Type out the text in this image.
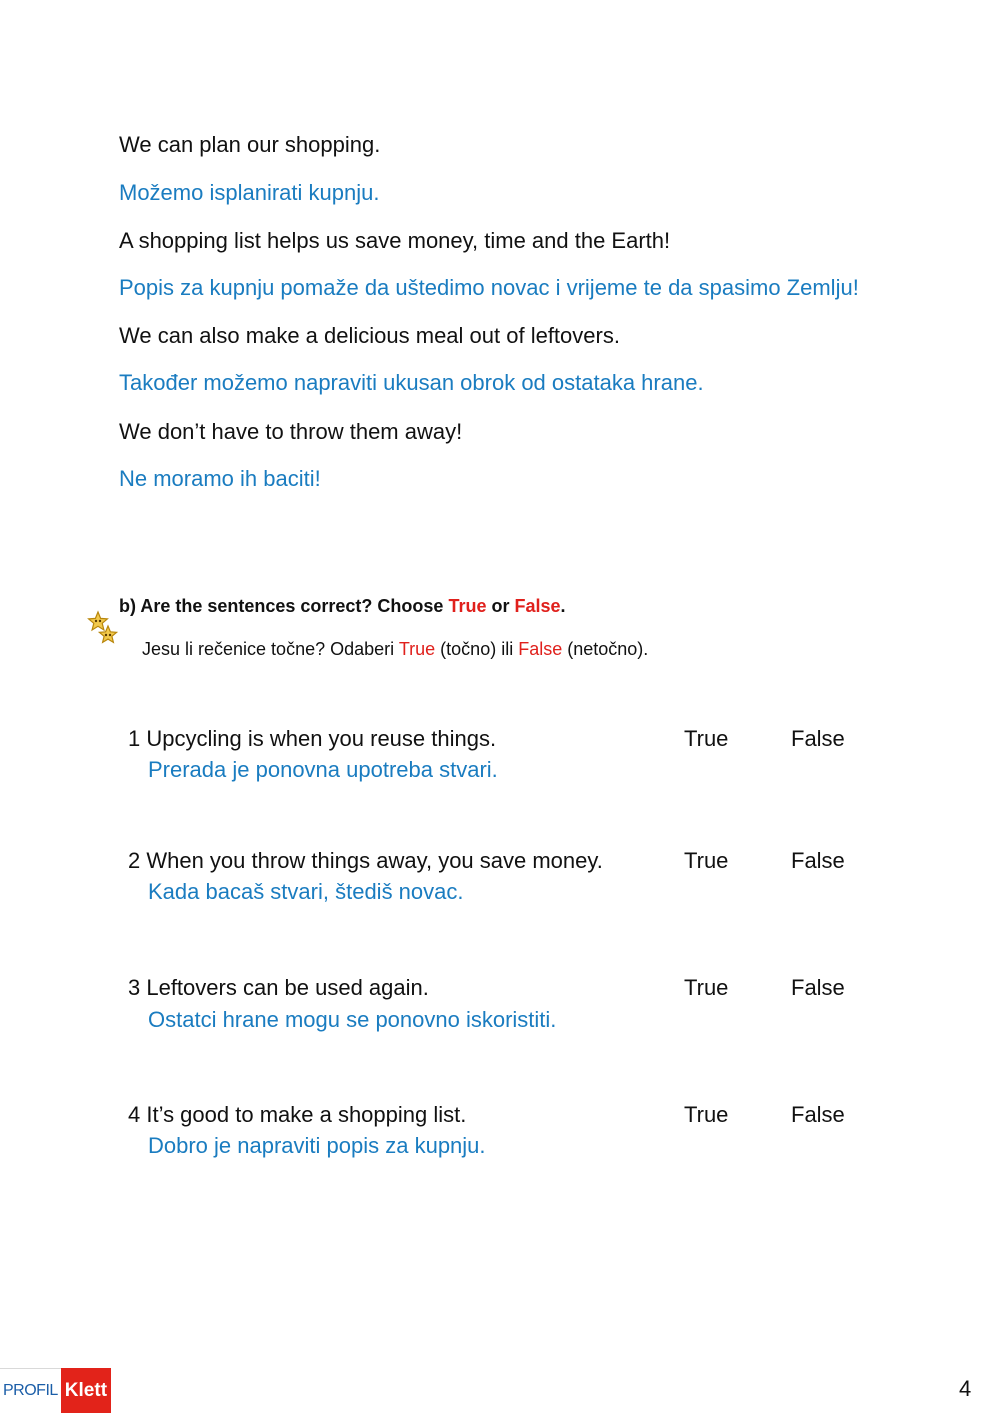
We can plan our shopping.
Možemo isplanirati kupnju.
A shopping list helps us save money, time and the Earth!
Popis za kupnju pomaže da uštedimo novac i vrijeme te da spasimo Zemlju!
We can also make a delicious meal out of leftovers.
Također možemo napraviti ukusan obrok od ostataka hrane.
We don’t have to throw them away!
Ne moramo ih baciti!
b) Are the sentences correct? Choose True or False.
Jesu li rečenice točne? Odaberi True (točno) ili False (netočno).
1 Upcycling is when you reuse things.	True	False
Prerada je ponovna upotreba stvari.
2 When you throw things away, you save money.	True	False
Kada bacaš stvari, štediš novac.
3 Leftovers can be used again.	True	False
Ostatci hrane mogu se ponovno iskoristiti.
4 It’s good to make a shopping list.	True	False
Dobro je napraviti popis za kupnju.
PROFIL Klett	4
